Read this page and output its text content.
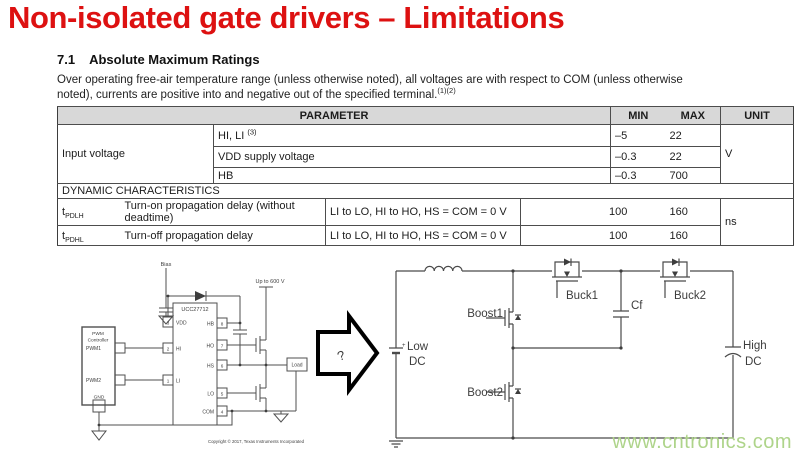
Non-isolated gate drivers – Limitations
7.1 Absolute Maximum Ratings
Over operating free-air temperature range (unless otherwise noted), all voltages are with respect to COM (unless otherwise
noted), currents are positive into and negative out of the specified terminal.$^{(1)(2)}$
PARAMETER					MIN	MAX	UNIT
Input voltage		HI, LI $^{(3)}$			–5	22	V
		VDD supply voltage			–0.3	22	
		HB			–0.3	700	
DYNAMIC CHARACTERISTICS							
$t_{PDLH}$	Turn-on propagation delay (without deadtime)		LI to LO, HI to HO, HS = COM = 0 V	100		160	ns
$t_{PDHL}$	Turn-off propagation delay		LI to LO, HI to HO, HS = COM = 0 V	100		160	
Bias
Up to 600 V
UCC27712
3
2
1
VDD
HI
LI
8
7
6
5
4
HB
HO
HS
LO
COM
PWM
Controller
PWM1
PWM2
GND
Load
Copyright © 2017, Texas Instruments Incorporated
?
Low
DC
+
Boost1
Boost2
Buck1	Buck2
Cf
High
DC
www.cntronics.com
